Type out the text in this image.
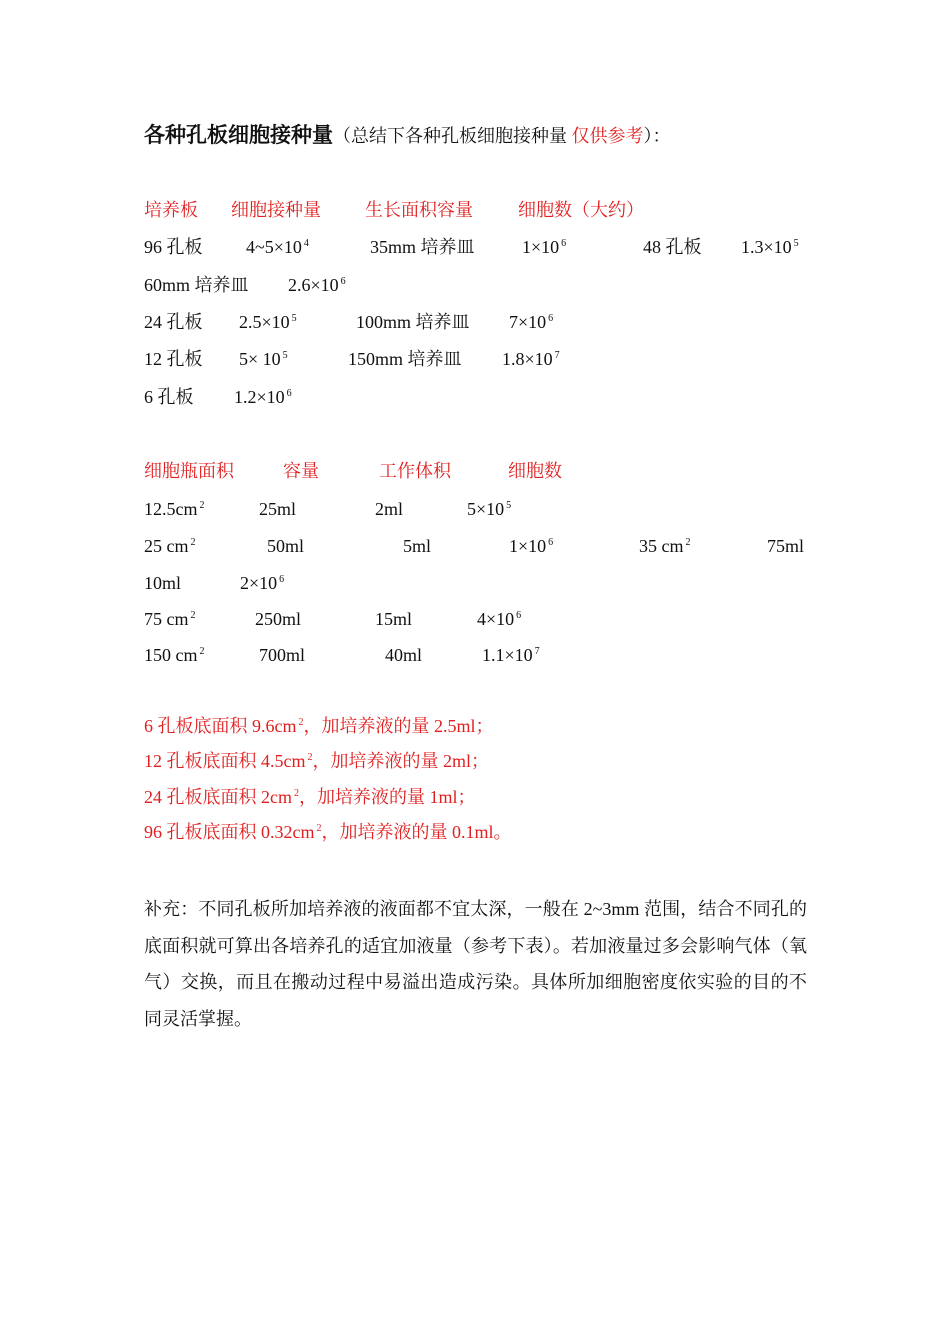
各种孔板细胞接种量（总结下各种孔板细胞接种量 仅供参考）：
培养板 细胞接种量 生长面积容量	细胞数（大约）
96 孔板 4~5×10 $^4$	35mm 培养皿	1×10 $^6$	48 孔板 1.3×10 $^5$
60mm 培养皿 2.6×10 $^6$
24 孔板 2.5×10 $^5$	100mm 培养皿 7×10 $^6$
12 孔板 5× 10 $^5$	150mm 培养皿 1.8×10 $^7$
6 孔板 1.2×10 $^6$
细胞瓶面积	容量	工作体积	细胞数
12.5cm $^2$	25ml	2ml	5×10 $^5$
25 cm $^2$	50ml	5ml	1×10 $^6$	35 cm $^2$	75ml
10ml	2×10 $^6$
75 cm $^2$	250ml	15ml	4×10 $^6$
150 cm $^2$	700ml	40ml	1.1×10 $^7$
6 孔板底面积 9.6cm $^2$，加培养液的量 2.5ml；
12 孔板底面积 4.5cm $^2$，加培养液的量 2ml；
24 孔板底面积 2cm $^2$，加培养液的量 1ml；
96 孔板底面积 0.32cm $^2$，加培养液的量 0.1ml。
补充：不同孔板所加培养液的液面都不宜太深，一般在 2~3mm 范围，结合不同孔的底面积就可算出各培养孔的适宜加液量（参考下表）。若加液量过多会影响气体（氧气）交换，而且在搬动过程中易溢出造成污染。具体所加细胞密度依实验的目的不同灵活掌握。
